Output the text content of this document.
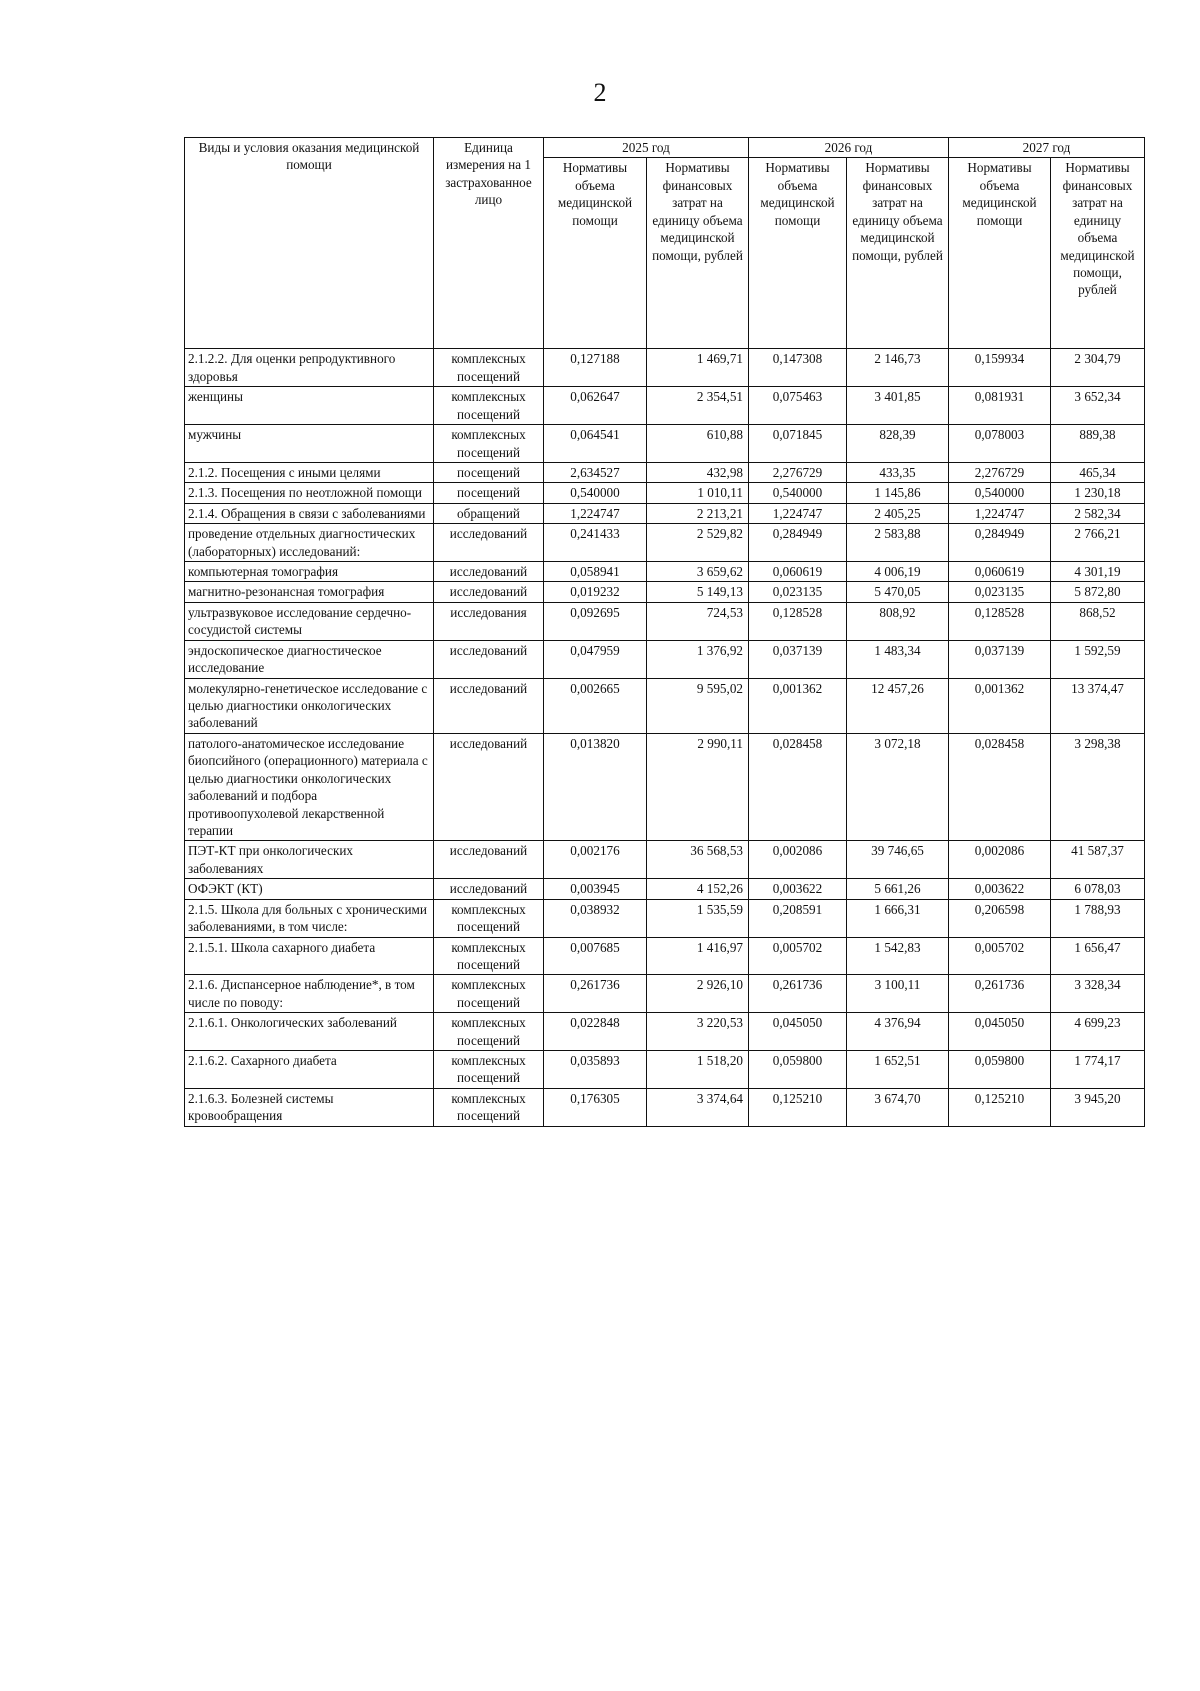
2
Виды и условия оказания медицинской помощи	Единица измерения на 1 застрахованное лицо	2025 год		2026 год		2027 год	
		Нормативы объема медицинской помощи	Нормативы финансовых затрат на единицу объема медицинской помощи, рублей	Нормативы объема медицинской помощи	Нормативы финансовых затрат на единицу объема медицинской помощи, рублей	Нормативы объема медицинской помощи	Нормативы финансовых затрат на единицу объема медицинской помощи, рублей
2.1.2.2. Для оценки репродуктивного здоровья	комплексных посещений	0,127188	1 469,71	0,147308	2 146,73	0,159934	2 304,79
женщины	комплексных посещений	0,062647	2 354,51	0,075463	3 401,85	0,081931	3 652,34
мужчины	комплексных посещений	0,064541	610,88	0,071845	828,39	0,078003	889,38
2.1.2. Посещения с иными целями	посещений	2,634527	432,98	2,276729	433,35	2,276729	465,34
2.1.3. Посещения по неотложной помощи	посещений	0,540000	1 010,11	0,540000	1 145,86	0,540000	1 230,18
2.1.4. Обращения в связи с заболеваниями	обращений	1,224747	2 213,21	1,224747	2 405,25	1,224747	2 582,34
проведение отдельных диагностических (лабораторных) исследований:	исследований	0,241433	2 529,82	0,284949	2 583,88	0,284949	2 766,21
компьютерная томография	исследований	0,058941	3 659,62	0,060619	4 006,19	0,060619	4 301,19
магнитно-резонансная томография	исследований	0,019232	5 149,13	0,023135	5 470,05	0,023135	5 872,80
ультразвуковое исследование сердечно-сосудистой системы	исследования	0,092695	724,53	0,128528	808,92	0,128528	868,52
эндоскопическое диагностическое исследование	исследований	0,047959	1 376,92	0,037139	1 483,34	0,037139	1 592,59
молекулярно-генетическое исследование с целью диагностики онкологических заболеваний	исследований	0,002665	9 595,02	0,001362	12 457,26	0,001362	13 374,47
патолого-анатомическое исследование биопсийного (операционного) материала с целью диагностики онкологических заболеваний и подбора противоопухолевой лекарственной терапии	исследований	0,013820	2 990,11	0,028458	3 072,18	0,028458	3 298,38
ПЭТ-КТ при онкологических заболеваниях	исследований	0,002176	36 568,53	0,002086	39 746,65	0,002086	41 587,37
ОФЭКТ (КТ)	исследований	0,003945	4 152,26	0,003622	5 661,26	0,003622	6 078,03
2.1.5. Школа для больных с хроническими заболеваниями, в том числе:	комплексных посещений	0,038932	1 535,59	0,208591	1 666,31	0,206598	1 788,93
2.1.5.1. Школа сахарного диабета	комплексных посещений	0,007685	1 416,97	0,005702	1 542,83	0,005702	1 656,47
2.1.6. Диспансерное наблюдение*, в том числе по поводу:	комплексных посещений	0,261736	2 926,10	0,261736	3 100,11	0,261736	3 328,34
2.1.6.1. Онкологических заболеваний	комплексных посещений	0,022848	3 220,53	0,045050	4 376,94	0,045050	4 699,23
2.1.6.2. Сахарного диабета	комплексных посещений	0,035893	1 518,20	0,059800	1 652,51	0,059800	1 774,17
2.1.6.3. Болезней системы кровообращения	комплексных посещений	0,176305	3 374,64	0,125210	3 674,70	0,125210	3 945,20
